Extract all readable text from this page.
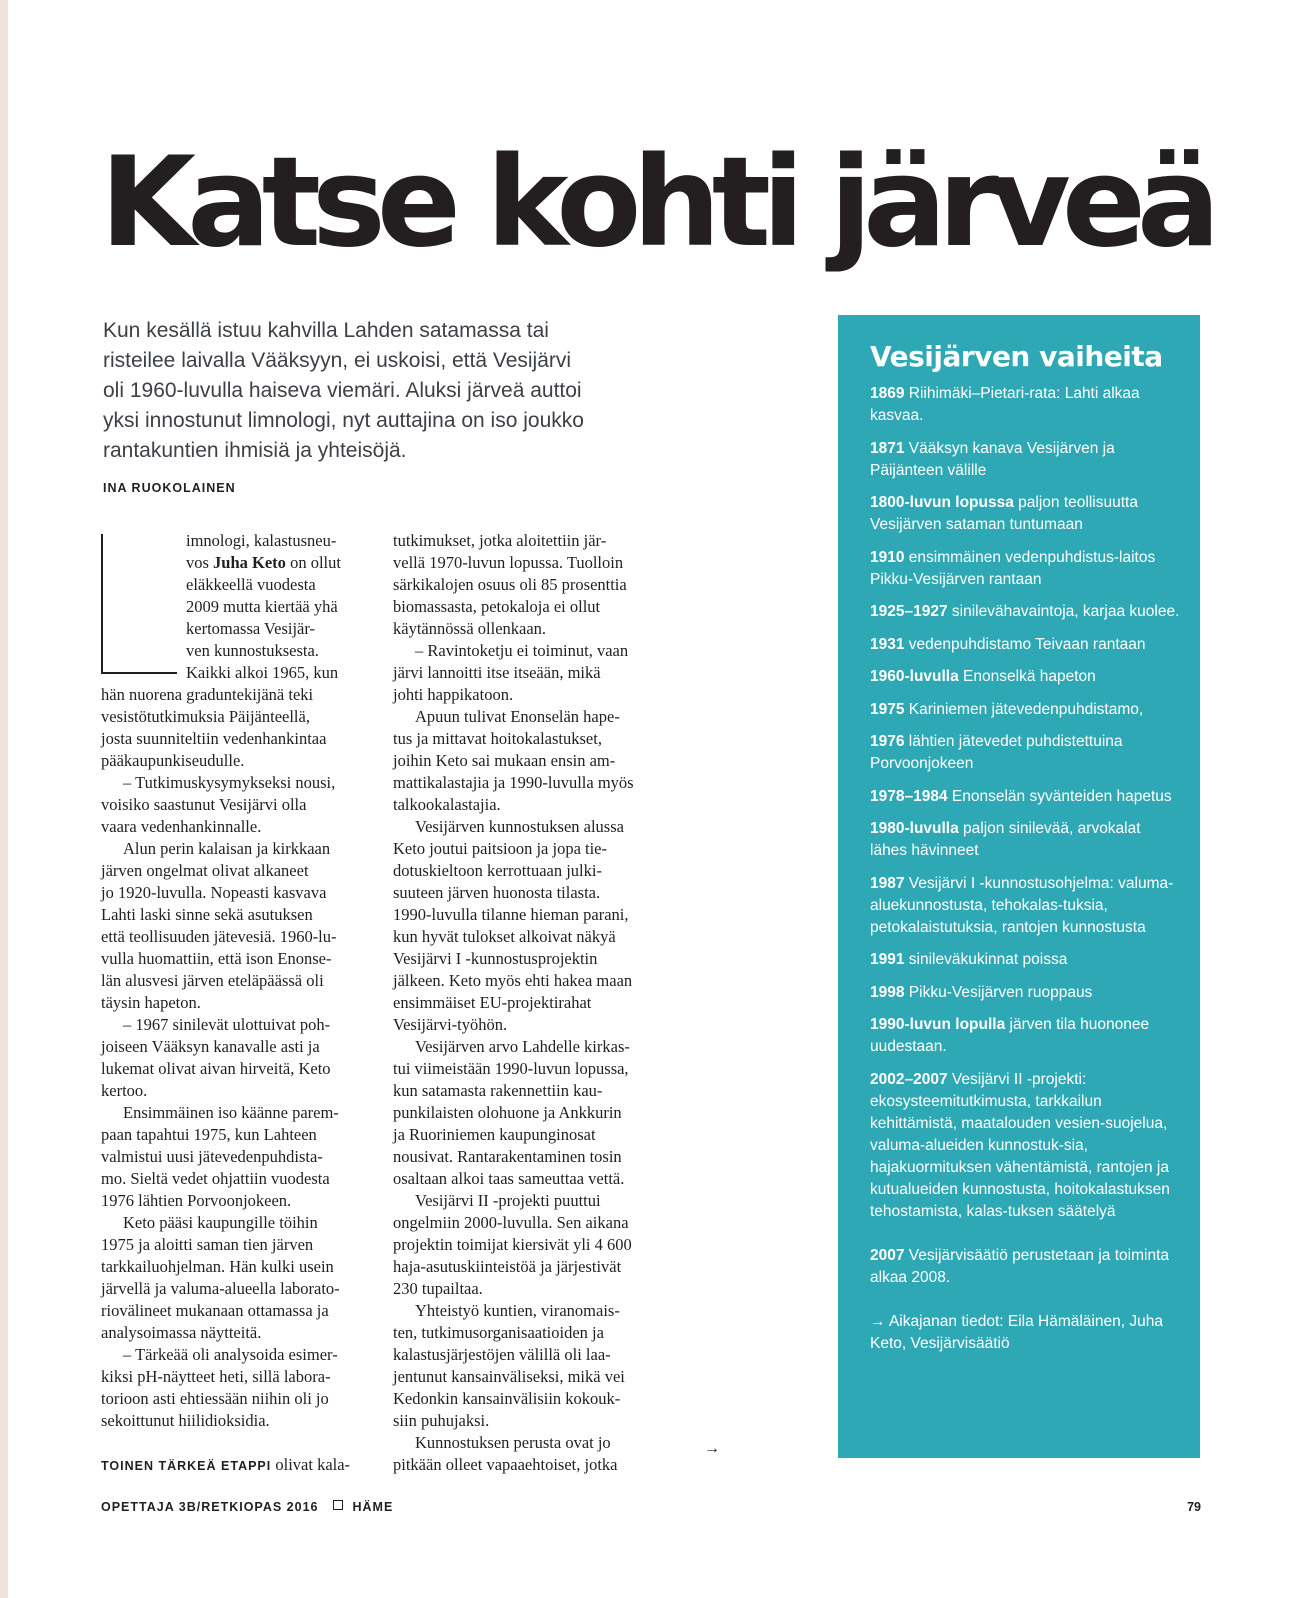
Katse kohti järveä
Kun kesällä istuu kahvilla Lahden satamassa tai
risteilee laivalla Vääksyyn, ei uskoisi, että Vesijärvi
oli 1960-luvulla haiseva viemäri. Aluksi järveä auttoi
yksi innostunut limnologi, nyt auttajina on iso joukko
rantakuntien ihmisiä ja yhteisöjä.
INA RUOKOLAINEN
imnologi, kalastusneu-
vos Juha Keto on ollut
eläkkeellä vuodesta
2009 mutta kiertää yhä
kertomassa Vesijär-
ven kunnostuksesta.
Kaikki alkoi 1965, kun
hän nuorena graduntekijänä teki
vesistötutkimuksia Päijänteellä,
josta suunniteltiin vedenhankintaa
pääkaupunkiseudulle.
– Tutkimuskysymykseksi nousi,
voisiko saastunut Vesijärvi olla
vaara vedenhankinnalle.
Alun perin kalaisan ja kirkkaan
järven ongelmat olivat alkaneet
jo 1920-luvulla. Nopeasti kasvava
Lahti laski sinne sekä asutuksen
että teollisuuden jätevesiä. 1960-lu-
vulla huomattiin, että ison Enonse-
län alusvesi järven eteläpäässä oli
täysin hapeton.
– 1967 sinilevät ulottuivat poh-
joiseen Vääksyn kanavalle asti ja
lukemat olivat aivan hirveitä, Keto
kertoo.
Ensimmäinen iso käänne parem-
paan tapahtui 1975, kun Lahteen
valmistui uusi jätevedenpuhdista-
mo. Sieltä vedet ohjattiin vuodesta
1976 lähtien Porvoonjokeen.
Keto pääsi kaupungille töihin
1975 ja aloitti saman tien järven
tarkkailuohjelman. Hän kulki usein
järvellä ja valuma-alueella laborato-
riovälineet mukanaan ottamassa ja
analysoimassa näytteitä.
– Tärkeää oli analysoida esimer-
kiksi pH-näytteet heti, sillä labora-
torioon asti ehtiessään niihin oli jo
sekoittunut hiilidioksidia.
TOINEN TÄRKEÄ ETAPPI olivat kala-
tutkimukset, jotka aloitettiin jär-
vellä 1970-luvun lopussa. Tuolloin
särkikalojen osuus oli 85 prosenttia
biomassasta, petokaloja ei ollut
käytännössä ollenkaan.
– Ravintoketju ei toiminut, vaan
järvi lannoitti itse itseään, mikä
johti happikatoon.
Apuun tulivat Enonselän hape-
tus ja mittavat hoitokalastukset,
joihin Keto sai mukaan ensin am-
mattikalastajia ja 1990-luvulla myös
talkookalastajia.
Vesijärven kunnostuksen alussa
Keto joutui paitsioon ja jopa tie-
dotuskieltoon kerrottuaan julki-
suuteen järven huonosta tilasta.
1990-luvulla tilanne hieman parani,
kun hyvät tulokset alkoivat näkyä
Vesijärvi I -kunnostusprojektin
jälkeen. Keto myös ehti hakea maan
ensimmäiset EU-projektirahat
Vesijärvi-työhön.
Vesijärven arvo Lahdelle kirkas-
tui viimeistään 1990-luvun lopussa,
kun satamasta rakennettiin kau-
punkilaisten olohuone ja Ankkurin
ja Ruoriniemen kaupunginosat
nousivat. Rantarakentaminen tosin
osaltaan alkoi taas sameuttaa vettä.
Vesijärvi II -projekti puuttui
ongelmiin 2000-luvulla. Sen aikana
projektin toimijat kiersivät yli 4 600
haja-asutuskiinteistöä ja järjestivät
230 tupailtaa.
Yhteistyö kuntien, viranomais-
ten, tutkimusorganisaatioiden ja
kalastusjärjestöjen välillä oli laa-
jentunut kansainväliseksi, mikä vei
Kedonkin kansainvälisiin kokouk-
siin puhujaksi.
Kunnostuksen perusta ovat jo
pitkään olleet vapaaehtoiset, jotka
→
Vesijärven vaiheita
1869 Riihimäki–Pietari-rata: Lahti alkaa kasvaa.
1871 Vääksyn kanava Vesijärven ja Päijänteen välille
1800-luvun lopussa paljon teollisuutta Vesijärven sataman tuntumaan
1910 ensimmäinen vedenpuhdistus-laitos Pikku-Vesijärven rantaan
1925–1927 sinilevähavaintoja, karjaa kuolee.
1931 vedenpuhdistamo Teivaan rantaan
1960-luvulla Enonselkä hapeton
1975 Kariniemen jätevedenpuhdistamo,
1976 lähtien jätevedet puhdistettuina Porvoonjokeen
1978–1984 Enonselän syvänteiden hapetus
1980-luvulla paljon sinilevää, arvokalat lähes hävinneet
1987 Vesijärvi I -kunnostusohjelma: valuma-aluekunnostusta, tehokalas-tuksia, petokalaistutuksia, rantojen kunnostusta
1991 sinileväkukinnat poissa
1998 Pikku-Vesijärven ruoppaus
1990-luvun lopulla järven tila huononee uudestaan.
2002–2007 Vesijärvi II -projekti: ekosysteemitutkimusta, tarkkailun kehittämistä, maatalouden vesien-suojelua, valuma-alueiden kunnostuk-sia, hajakuormituksen vähentämistä, rantojen ja kutualueiden kunnostusta, hoitokalastuksen tehostamista, kalas-tuksen säätelyä
2007 Vesijärvisäätiö perustetaan ja toiminta alkaa 2008.
→ Aikajanan tiedot: Eila Hämäläinen, Juha Keto, Vesijärvisäätiö
OPETTAJA 3B/RETKIOPAS 2016	HÄME	79
